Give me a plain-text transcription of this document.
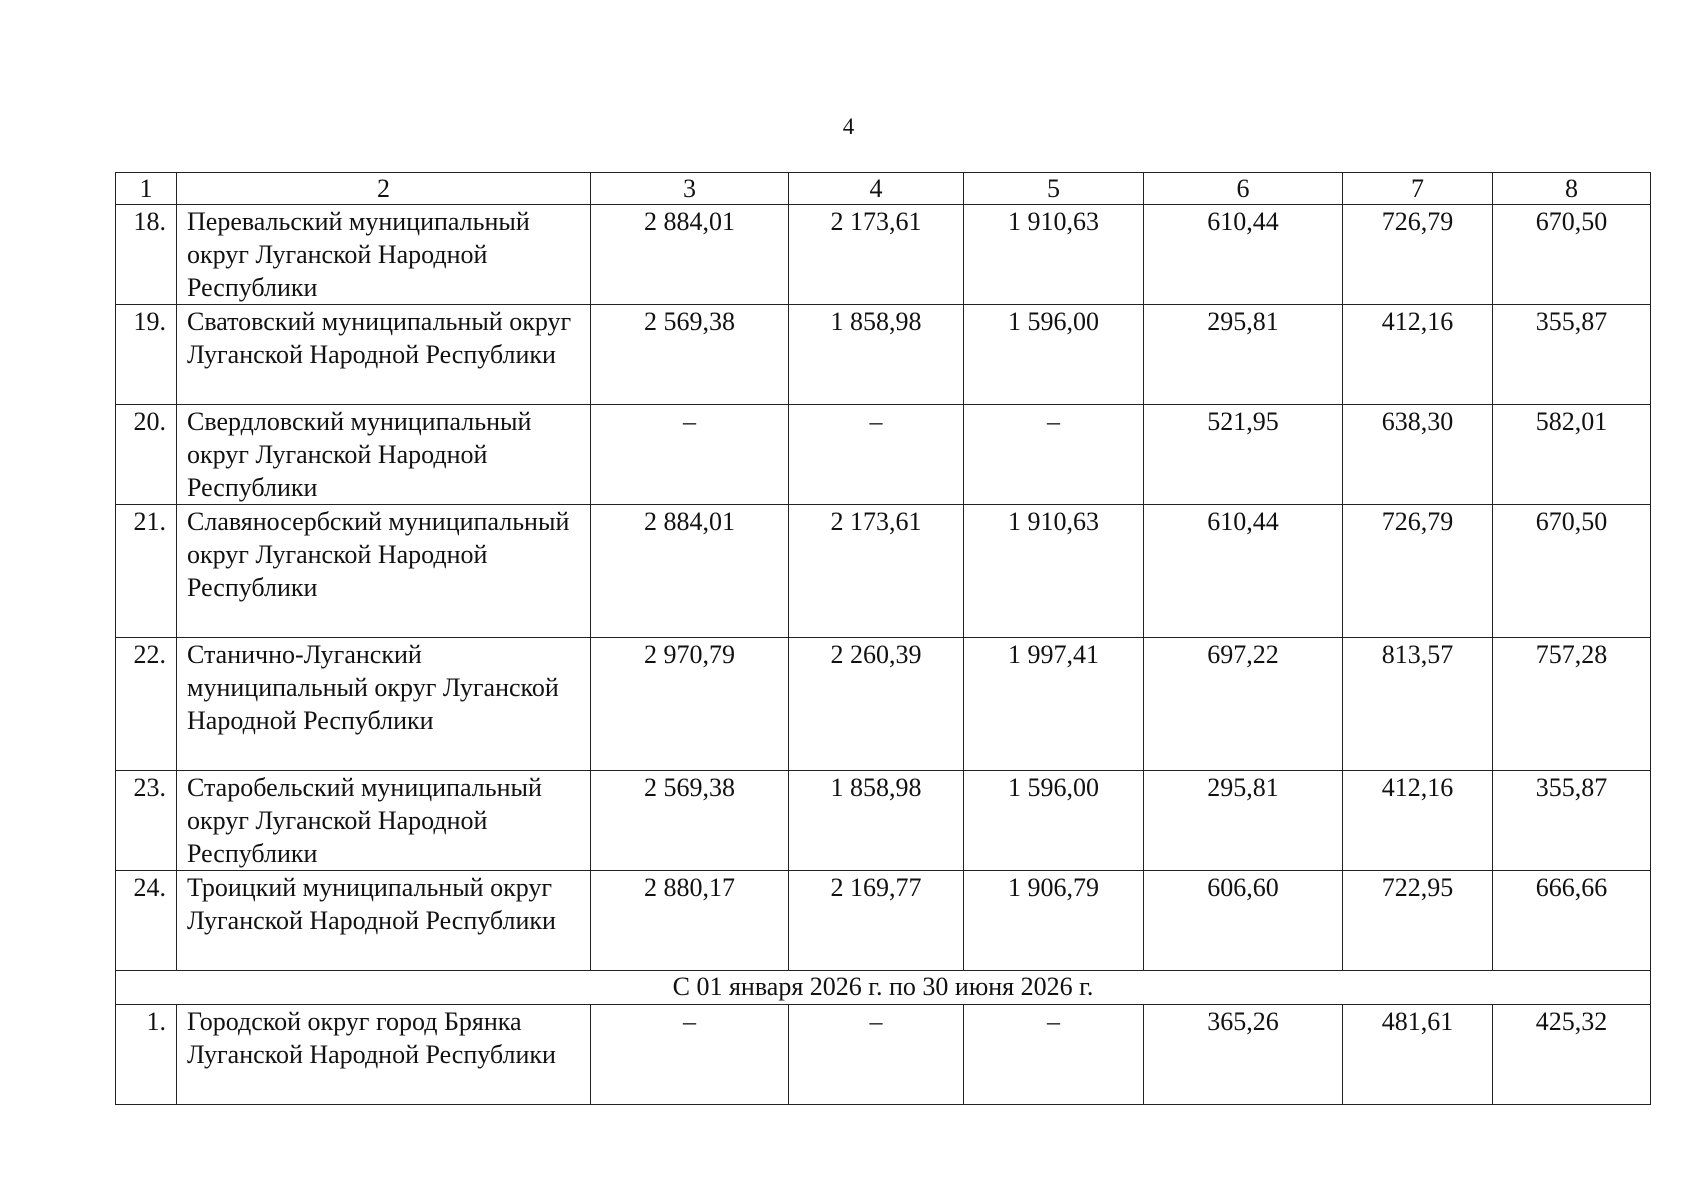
4
1	2	3	4	5	6	7	8
18.	Перевальский муниципальный округ Луганской Народной Республики	2 884,01	2 173,61	1 910,63	610,44	726,79	670,50
19.	Сватовский муниципальный округ Луганской Народной Республики	2 569,38	1 858,98	1 596,00	295,81	412,16	355,87
20.	Свердловский муниципальный округ Луганской Народной Республики	–	–	–	521,95	638,30	582,01
21.	Славяносербский муниципальный округ Луганской Народной Республики	2 884,01	2 173,61	1 910,63	610,44	726,79	670,50
22.	Станично-Луганский муниципальный округ Луганской Народной Республики	2 970,79	2 260,39	1 997,41	697,22	813,57	757,28
23.	Старобельский муниципальный округ Луганской Народной Республики	2 569,38	1 858,98	1 596,00	295,81	412,16	355,87
24.	Троицкий муниципальный округ Луганской Народной Республики	2 880,17	2 169,77	1 906,79	606,60	722,95	666,66
С 01 января 2026 г. по 30 июня 2026 г.							
1.	Городской округ город Брянка Луганской Народной Республики	–	–	–	365,26	481,61	425,32
